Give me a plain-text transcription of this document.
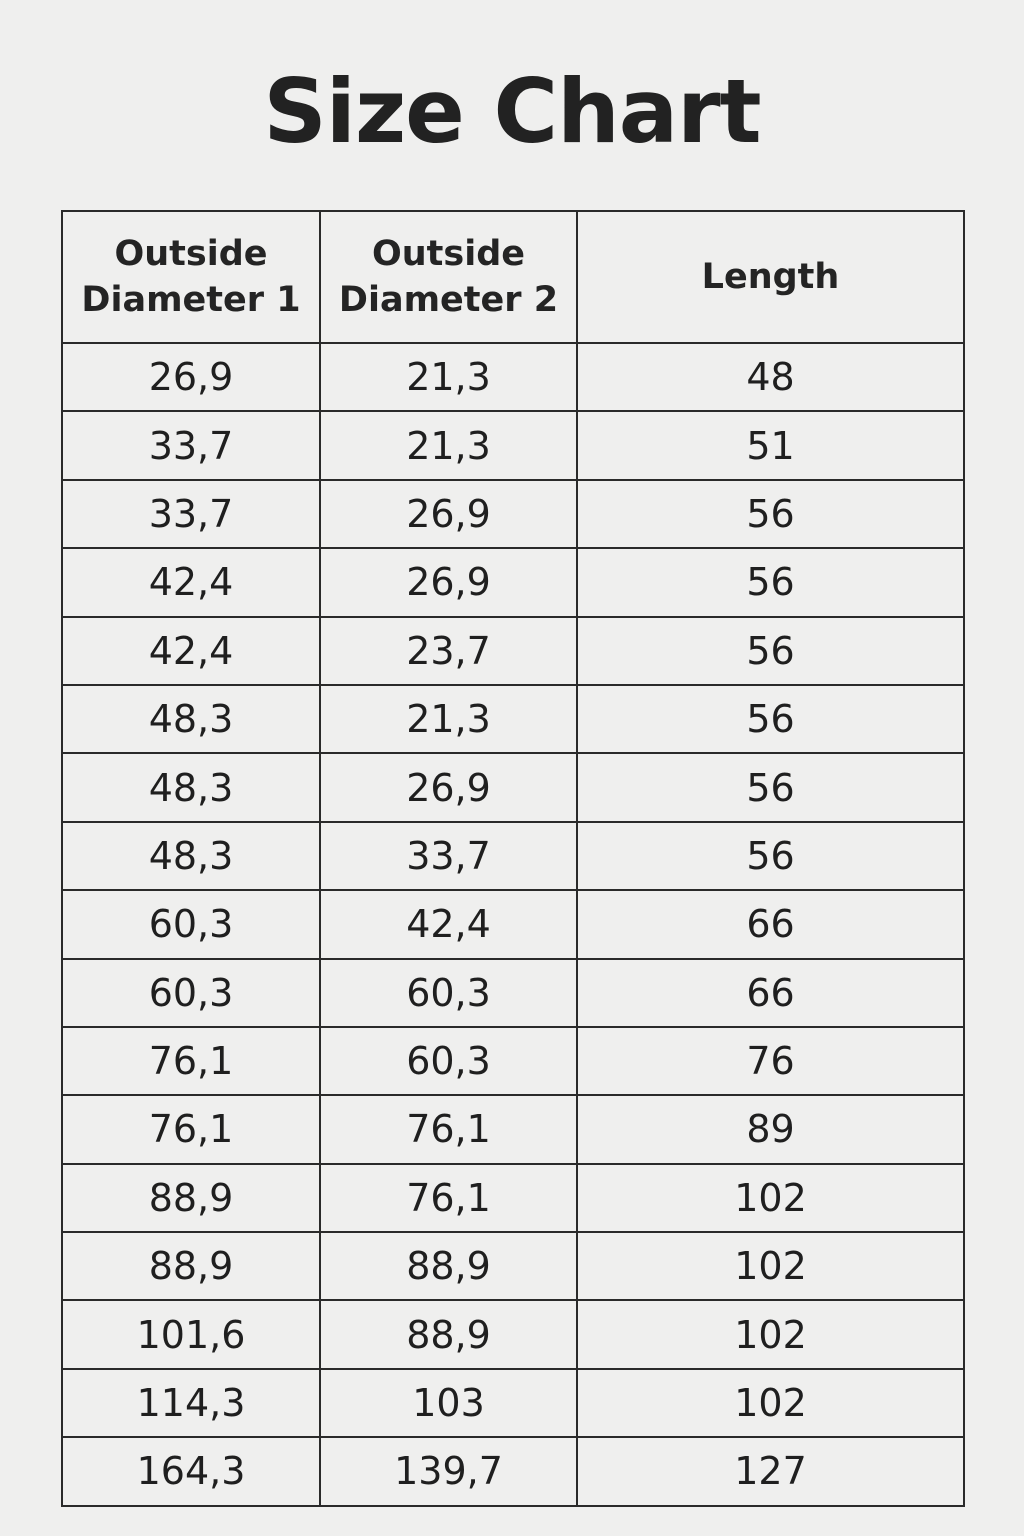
Size Chart
Outside
Diameter 1	Outside
Diameter 2	Length
26,9	21,3	48
33,7	21,3	51
33,7	26,9	56
42,4	26,9	56
42,4	23,7	56
48,3	21,3	56
48,3	26,9	56
48,3	33,7	56
60,3	42,4	66
60,3	60,3	66
76,1	60,3	76
76,1	76,1	89
88,9	76,1	102
88,9	88,9	102
101,6	88,9	102
114,3	103	102
164,3	139,7	127
